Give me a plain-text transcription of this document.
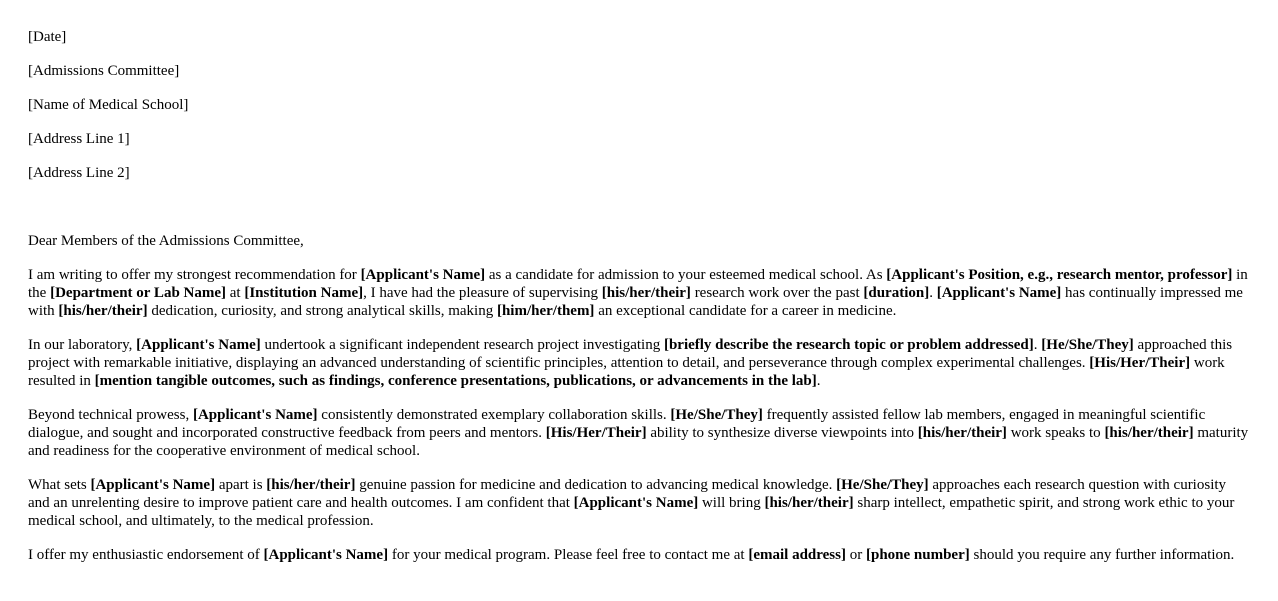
[Date]
[Admissions Committee]
[Name of Medical School]
[Address Line 1]
[Address Line 2]
Dear Members of the Admissions Committee,
I am writing to offer my strongest recommendation for [Applicant's Name] as a candidate for admission to your esteemed medical school. As [Applicant's Position, e.g., research mentor, professor] in the [Department or Lab Name] at [Institution Name], I have had the pleasure of supervising [his/her/their] research work over the past [duration]. [Applicant's Name] has continually impressed me with [his/her/their] dedication, curiosity, and strong analytical skills, making [him/her/them] an exceptional candidate for a career in medicine.
In our laboratory, [Applicant's Name] undertook a significant independent research project investigating [briefly describe the research topic or problem addressed]. [He/She/They] approached this project with remarkable initiative, displaying an advanced understanding of scientific principles, attention to detail, and perseverance through complex experimental challenges. [His/Her/Their] work resulted in [mention tangible outcomes, such as findings, conference presentations, publications, or advancements in the lab].
Beyond technical prowess, [Applicant's Name] consistently demonstrated exemplary collaboration skills. [He/She/They] frequently assisted fellow lab members, engaged in meaningful scientific dialogue, and sought and incorporated constructive feedback from peers and mentors. [His/Her/Their] ability to synthesize diverse viewpoints into [his/her/their] work speaks to [his/her/their] maturity and readiness for the cooperative environment of medical school.
What sets [Applicant's Name] apart is [his/her/their] genuine passion for medicine and dedication to advancing medical knowledge. [He/She/They] approaches each research question with curiosity and an unrelenting desire to improve patient care and health outcomes. I am confident that [Applicant's Name] will bring [his/her/their] sharp intellect, empathetic spirit, and strong work ethic to your medical school, and ultimately, to the medical profession.
I offer my enthusiastic endorsement of [Applicant's Name] for your medical program. Please feel free to contact me at [email address] or [phone number] should you require any further information.
